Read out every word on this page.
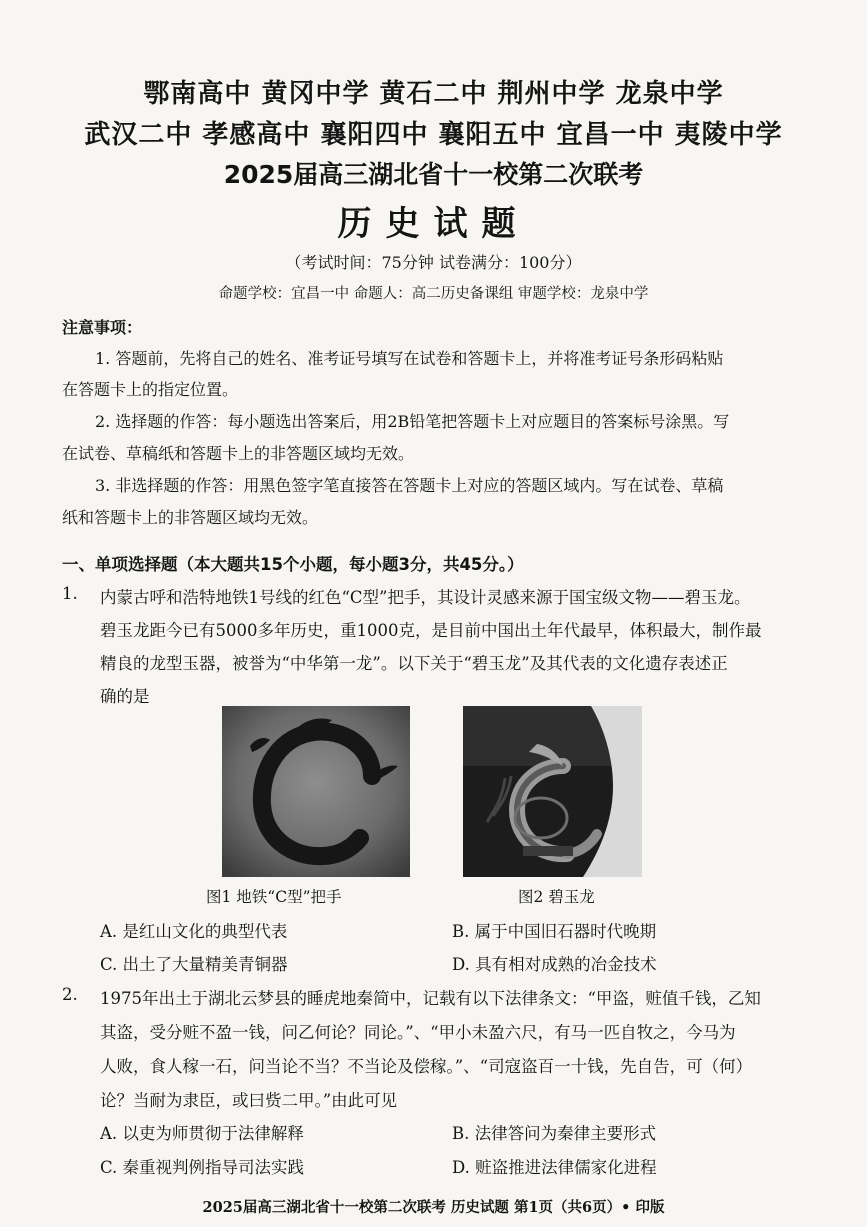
鄂南高中 黄冈中学 黄石二中 荆州中学 龙泉中学
武汉二中 孝感高中 襄阳四中 襄阳五中 宜昌一中 夷陵中学
2025届高三湖北省十一校第二次联考
历史试题
（考试时间：75分钟 试卷满分：100分）
命题学校：宜昌一中 命题人：高二历史备课组 审题学校：龙泉中学
注意事项：
1. 答题前，先将自己的姓名、准考证号填写在试卷和答题卡上，并将准考证号条形码粘贴
在答题卡上的指定位置。
2. 选择题的作答：每小题选出答案后，用2B铅笔把答题卡上对应题目的答案标号涂黑。写
在试卷、草稿纸和答题卡上的非答题区域均无效。
3. 非选择题的作答：用黑色签字笔直接答在答题卡上对应的答题区域内。写在试卷、草稿
纸和答题卡上的非答题区域均无效。
一、单项选择题（本大题共15个小题，每小题3分，共45分。）
1. 内蒙古呼和浩特地铁1号线的红色“C型”把手，其设计灵感来源于国宝级文物——碧玉龙。
碧玉龙距今已有5000多年历史，重1000克，是目前中国出土年代最早，体积最大，制作最
精良的龙型玉器，被誉为“中华第一龙”。以下关于“碧玉龙”及其代表的文化遗存表述正
确的是
图1 地铁“C型”把手	图2 碧玉龙
A. 是红山文化的典型代表	B. 属于中国旧石器时代晚期
C. 出土了大量精美青铜器	D. 具有相对成熟的冶金技术
2. 1975年出土于湖北云梦县的睡虎地秦简中，记载有以下法律条文：“甲盗，赃值千钱，乙知
其盗，受分赃不盈一钱，问乙何论？同论。”、“甲小未盈六尺，有马一匹自牧之，今马为
人败，食人稼一石，问当论不当？不当论及偿稼。”、“司寇盗百一十钱，先自告，可（何）
论？当耐为隶臣，或曰赀二甲。”由此可见
A. 以吏为师贯彻于法律解释	B. 法律答问为秦律主要形式
C. 秦重视判例指导司法实践	D. 赃盗推进法律儒家化进程
2025届高三湖北省十一校第二次联考 历史试题 第1页（共6页）• 印版
